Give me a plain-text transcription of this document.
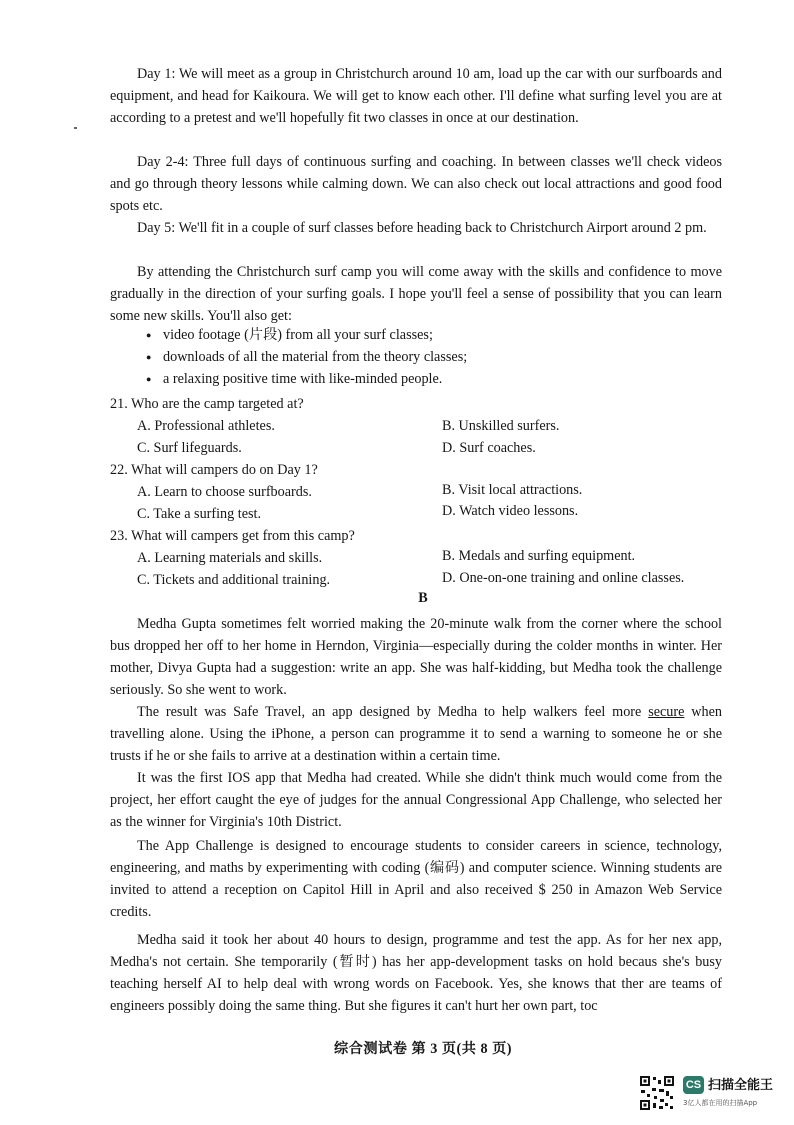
Day 1: We will meet as a group in Christchurch around 10 am, load up the car with our surfboards and equipment, and head for Kaikoura. We will get to know each other. I'll define what surfing level you are at according to a pretest and we'll hopefully fit two classes in once at our destination.

Day 2-4: Three full days of continuous surfing and coaching. In between classes we'll check videos and go through theory lessons while calming down. We can also check out local attractions and good food spots etc.

Day 5: We'll fit in a couple of surf classes before heading back to Christchurch Airport around 2 pm.

By attending the Christchurch surf camp you will come away with the skills and confidence to move gradually in the direction of your surfing goals. I hope you'll feel a sense of possibility that you can learn some new skills. You'll also get:

● video footage (片段) from all your surf classes;
● downloads of all the material from the theory classes;
● a relaxing positive time with like-minded people.
21. Who are the camp targeted at?
A. Professional athletes.	B. Unskilled surfers.
C. Surf lifeguards.	D. Surf coaches.
22. What will campers do on Day 1?
A. Learn to choose surfboards.	B. Visit local attractions.
C. Take a surfing test.	D. Watch video lessons.
23. What will campers get from this camp?
A. Learning materials and skills.	B. Medals and surfing equipment.
C. Tickets and additional training.	D. One-on-one training and online classes.
B

Medha Gupta sometimes felt worried making the 20-minute walk from the corner where the school bus dropped her off to her home in Herndon, Virginia—especially during the colder months in winter. Her mother, Divya Gupta had a suggestion: write an app. She was half-kidding, but Medha took the challenge seriously. So she went to work.

The result was Safe Travel, an app designed by Medha to help walkers feel more secure when travelling alone. Using the iPhone, a person can programme it to send a warning to someone he or she trusts if he or she fails to arrive at a destination within a certain time.

It was the first IOS app that Medha had created. While she didn't think much would come from the project, her effort caught the eye of judges for the annual Congressional App Challenge, who selected her as the winner for Virginia's 10th District.

The App Challenge is designed to encourage students to consider careers in science, technology, engineering, and maths by experimenting with coding (编码) and computer science. Winning students are invited to attend a reception on Capitol Hill in April and also received $ 250 in Amazon Web Service credits.

Medha said it took her about 40 hours to design, programme and test the app. As for her nex app, Medha's not certain. She temporarily (暂时) has her app-development tasks on hold becaus she's busy teaching herself AI to help deal with wrong words on Facebook. Yes, she knows that ther are teams of engineers possibly doing the same thing. But she figures it can't hurt her own part, toc

综合测试卷 第 3 页(共 8 页)
CS 扫描全能王
3亿人都在用的扫描App
